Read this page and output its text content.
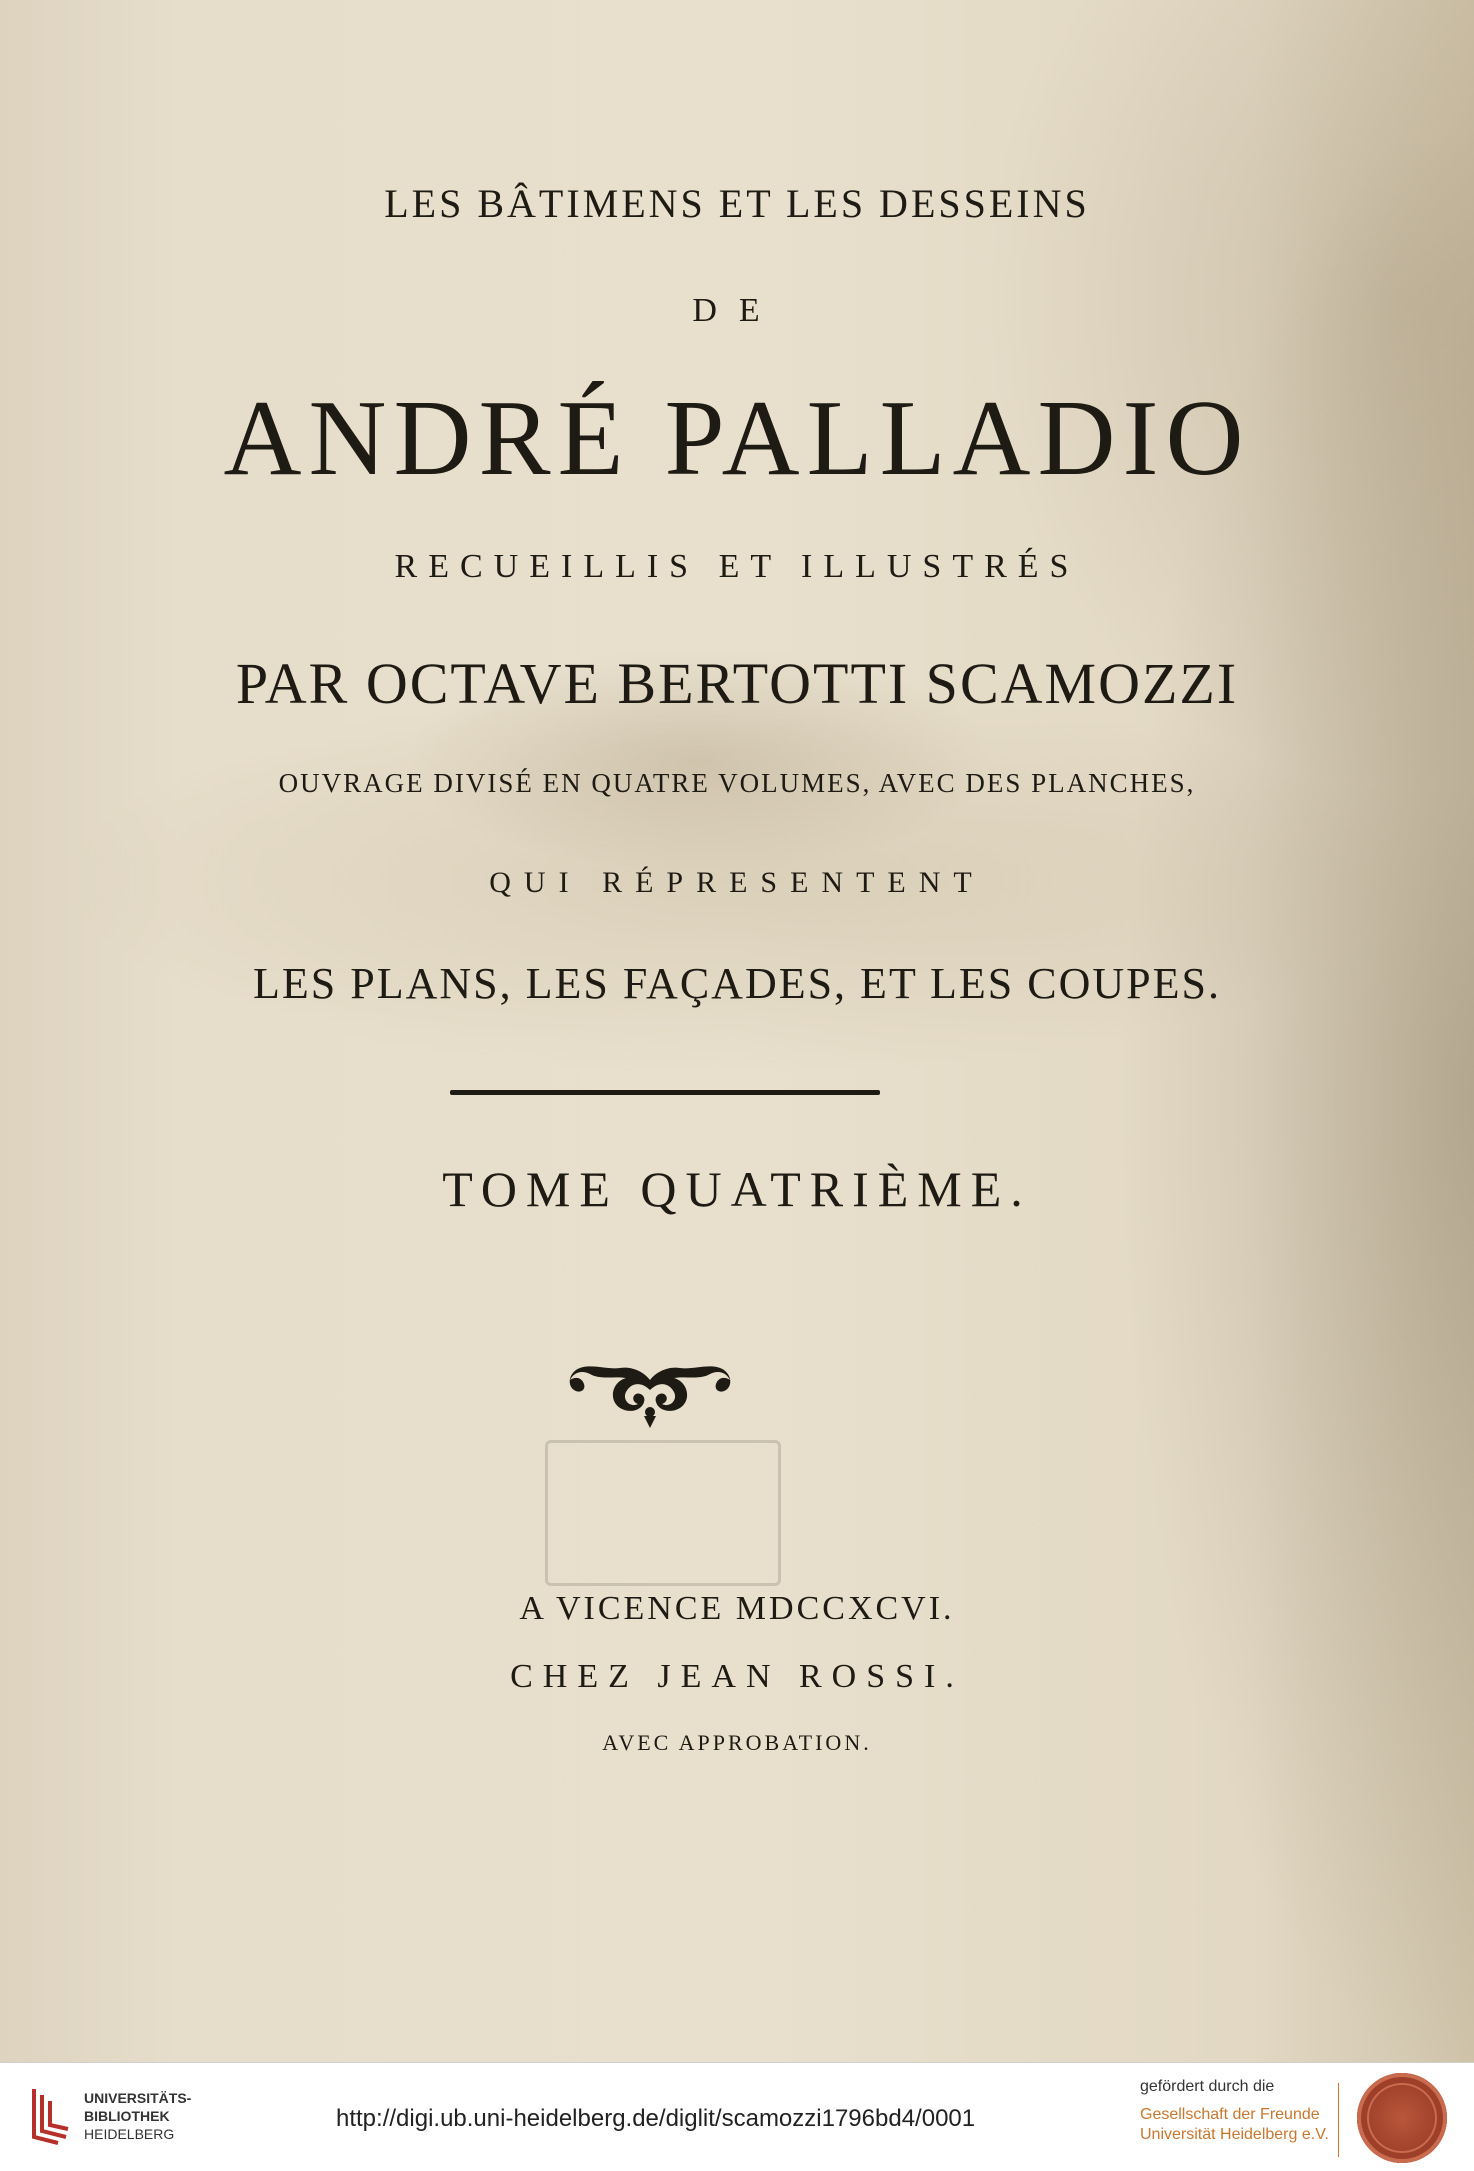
LES BÂTIMENS ET LES DESSEINS
DE
ANDRÉ PALLADIO
RECUEILLIS ET ILLUSTRÉS
PAR OCTAVE BERTOTTI SCAMOZZI
OUVRAGE DIVISÉ EN QUATRE VOLUMES, AVEC DES PLANCHES,
QUI RÉPRESENTENT
LES PLANS, LES FAÇADES, ET LES COUPES.
TOME QUATRIÈME.
A VICENCE MDCCXCVI.
CHEZ JEAN ROSSI.
AVEC APPROBATION.
UNIVERSITÄTS-
BIBLIOTHEK
HEIDELBERG
http://digi.ub.uni-heidelberg.de/diglit/scamozzi1796bd4/0001
gefördert durch die
Gesellschaft der Freunde
Universität Heidelberg e.V.
